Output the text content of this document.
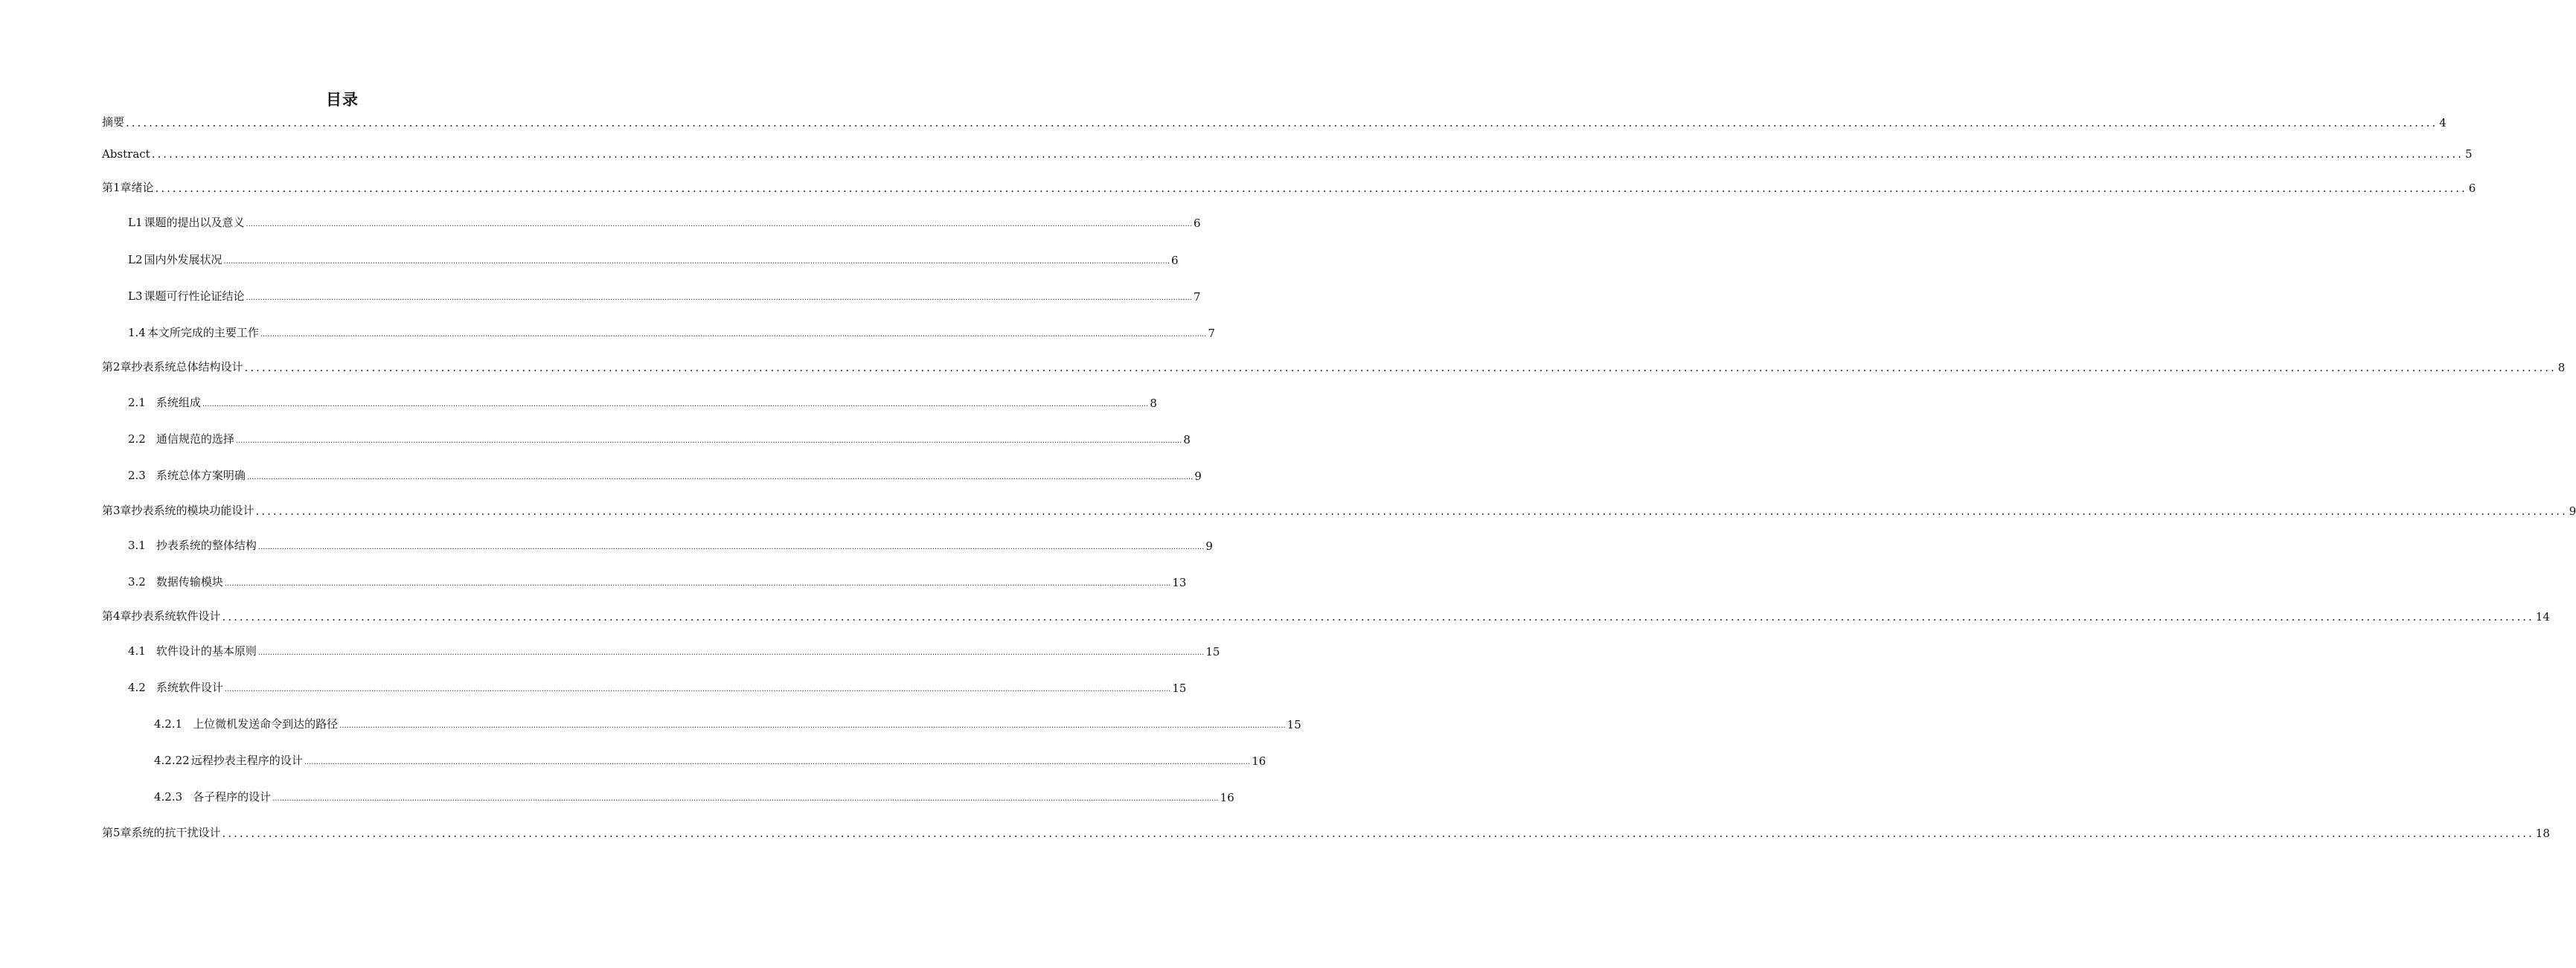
目录
摘要 ................................................................................................................................................................................................................................................................................................................................................................................................................ 4
Abstract ................................................................................................................................................................................................................................................................................................................................................................................................................ 5
第1章绪论 ................................................................................................................................................................................................................................................................................................................................................................................................................ 6
L1 课题的提出以及意义 ................................................................................................................................................................................................................................................................................................................................................................................................................ 6
L2 国内外发展状况 ................................................................................................................................................................................................................................................................................................................................................................................................................ 6
L3 课题可行性论证结论 ................................................................................................................................................................................................................................................................................................................................................................................................................ 7
1.4 本文所完成的主要工作 ................................................................................................................................................................................................................................................................................................................................................................................................................ 7
第2章抄表系统总体结构设计 ................................................................................................................................................................................................................................................................................................................................................................................................................ 8
2.1 系统组成 ................................................................................................................................................................................................................................................................................................................................................................................................................ 8
2.2 通信规范的选择 ................................................................................................................................................................................................................................................................................................................................................................................................................ 8
2.3 系统总体方案明确 ................................................................................................................................................................................................................................................................................................................................................................................................................ 9
第3章抄表系统的模块功能设计 ................................................................................................................................................................................................................................................................................................................................................................................................................ 9
3.1 抄表系统的整体结构 ................................................................................................................................................................................................................................................................................................................................................................................................................ 9
3.2 数据传输模块 ................................................................................................................................................................................................................................................................................................................................................................................................................ 13
第4章抄表系统软件设计 ................................................................................................................................................................................................................................................................................................................................................................................................................ 14
4.1 软件设计的基本原则 ................................................................................................................................................................................................................................................................................................................................................................................................................ 15
4.2 系统软件设计 ................................................................................................................................................................................................................................................................................................................................................................................................................ 15
4.2.1 上位微机发送命令到达的路径 ................................................................................................................................................................................................................................................................................................................................................................................................................ 15
4.2.22 远程抄表主程序的设计 ................................................................................................................................................................................................................................................................................................................................................................................................................ 16
4.2.3 各子程序的设计 ................................................................................................................................................................................................................................................................................................................................................................................................................ 16
第5章系统的抗干扰设计 ................................................................................................................................................................................................................................................................................................................................................................................................................ 18
